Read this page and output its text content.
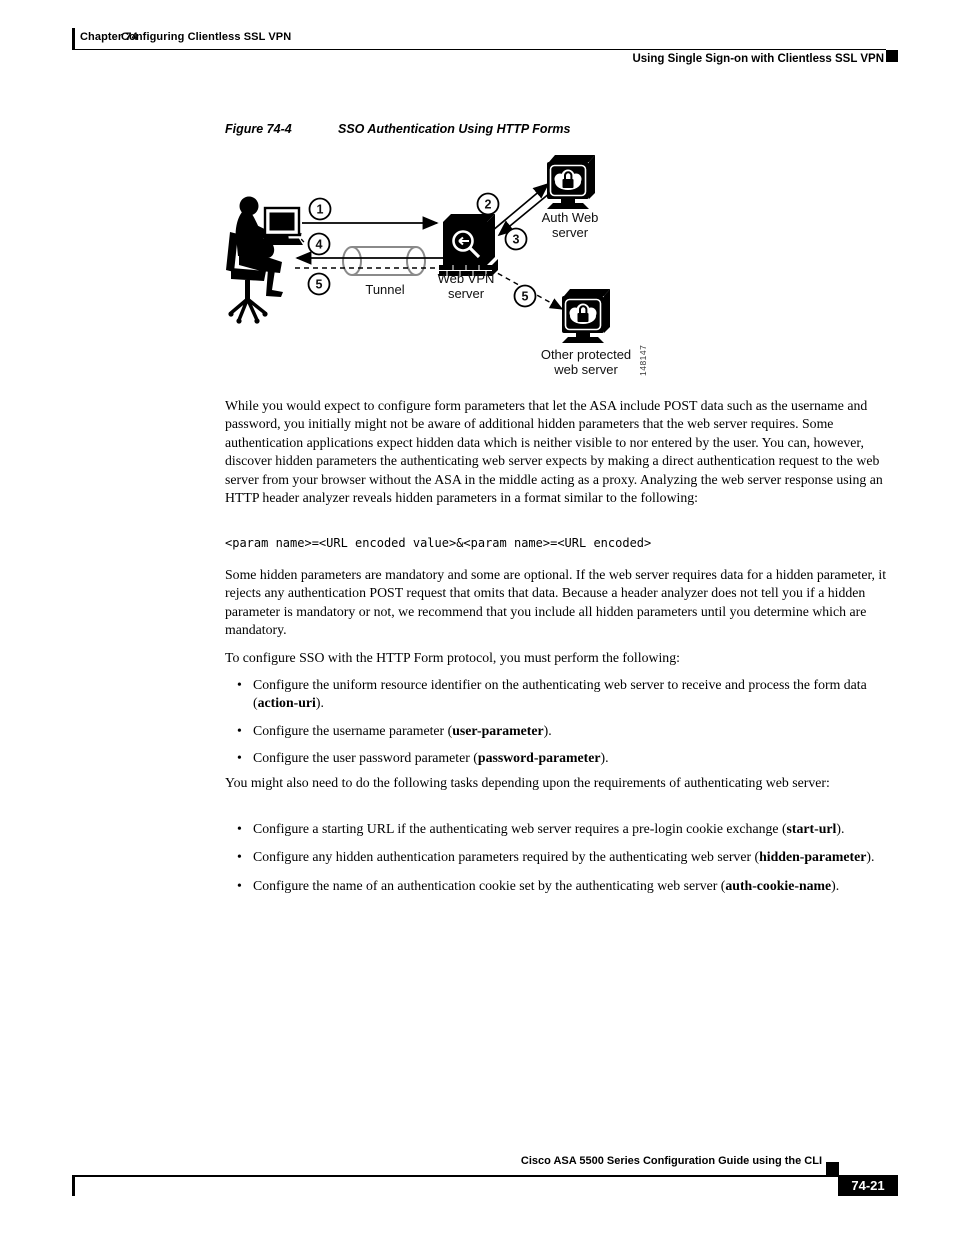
Chapter 74
Configuring Clientless SSL VPN
Using Single Sign-on with Clientless SSL VPN
Figure 74-4	SSO Authentication Using HTTP Forms
1	2
3
4
5
5
Tunnel
Web VPN
server
Auth Web
server
Other protected
web server 148147

While you would expect to configure form parameters that let the ASA include POST data such as the username and password, you initially might not be aware of additional hidden parameters that the web server requires. Some authentication applications expect hidden data which is neither visible to nor entered by the user. You can, however, discover hidden parameters the authenticating web server expects by making a direct authentication request to the web server from your browser without the ASA in the middle acting as a proxy. Analyzing the web server response using an HTTP header analyzer reveals hidden parameters in a format similar to the following:

<param name>=<URL encoded value>&<param name>=<URL encoded>

Some hidden parameters are mandatory and some are optional. If the web server requires data for a hidden parameter, it rejects any authentication POST request that omits that data. Because a header analyzer does not tell you if a hidden parameter is mandatory or not, we recommend that you include all hidden parameters until you determine which are mandatory.

To configure SSO with the HTTP Form protocol, you must perform the following:

• Configure the uniform resource identifier on the authenticating web server to receive and process the form data (action-uri).
• Configure the username parameter (user-parameter).
• Configure the user password parameter (password-parameter).

You might also need to do the following tasks depending upon the requirements of authenticating web server:

• Configure a starting URL if the authenticating web server requires a pre-login cookie exchange (start-url).
• Configure any hidden authentication parameters required by the authenticating web server (hidden-parameter).
• Configure the name of an authentication cookie set by the authenticating web server (auth-cookie-name).
Cisco ASA 5500 Series Configuration Guide using the CLI
74-21
